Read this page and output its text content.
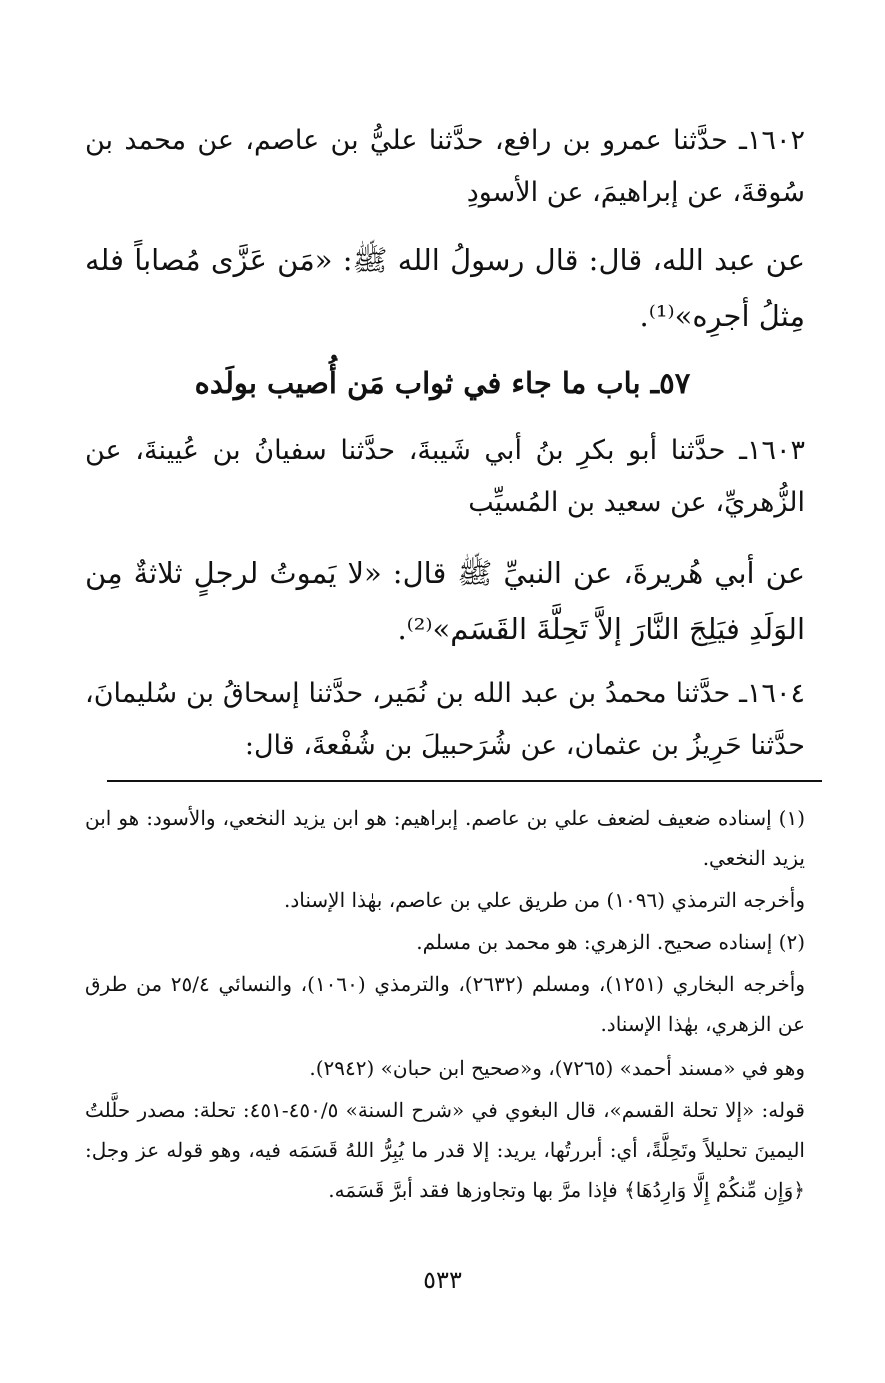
١٦٠٢ـ حدَّثنا عمرو بن رافع، حدَّثنا عليُّ بن عاصم، عن محمد بن سُوقةَ، عن إبراهيمَ، عن الأسودِ

عن عبد الله، قال: قال رسولُ الله ﷺ: «مَن عَزَّى مُصاباً فله مِثلُ أجرِه»⁽¹⁾.

٥٧ـ باب ما جاء في ثواب مَن أُصيب بولَده

١٦٠٣ـ حدَّثنا أبو بكرِ بنُ أبي شَيبةَ، حدَّثنا سفيانُ بن عُيينةَ، عن الزُّهريِّ، عن سعيد بن المُسيِّب

عن أبي هُريرةَ، عن النبيِّ ﷺ قال: «لا يَموتُ لرجلٍ ثلاثةٌ مِن الوَلَدِ فيَلِجَ النَّارَ إلاَّ تَحِلَّةَ القَسَم»⁽²⁾.

١٦٠٤ـ حدَّثنا محمدُ بن عبد الله بن نُمَير، حدَّثنا إسحاقُ بن سُليمانَ، حدَّثنا حَرِيزُ بن عثمان، عن شُرَحبيلَ بن شُفْعةَ، قال:

(١) إسناده ضعيف لضعف علي بن عاصم. إبراهيم: هو ابن يزيد النخعي، والأسود: هو ابن يزيد النخعي.

وأخرجه الترمذي (١٠٩٦) من طريق علي بن عاصم، بهٰذا الإسناد.

(٢) إسناده صحيح. الزهري: هو محمد بن مسلم.

وأخرجه البخاري (١٢٥١)، ومسلم (٢٦٣٢)، والترمذي (١٠٦٠)، والنسائي ٤/‏٢٥ من طرق عن الزهري، بهٰذا الإسناد.

وهو في «مسند أحمد» (٧٢٦٥)، و«صحيح ابن حبان» (٢٩٤٢).

قوله: «إلا تحلة القسم»، قال البغوي في «شرح السنة» ٥/‏٤٥٠-٤٥١: تحلة: مصدر حلَّلتُ اليمينَ تحليلاً وتَحِلَّةً، أي: أبررتُها، يريد: إلا قدر ما يُبِرُّ اللهُ قَسَمَه فيه، وهو قوله عز وجل: ﴿وَإِن مِّنكُمْ إِلَّا وَارِدُهَا﴾ فإذا مرَّ بها وتجاوزها فقد أبرَّ قَسَمَه.

٥٣٣
